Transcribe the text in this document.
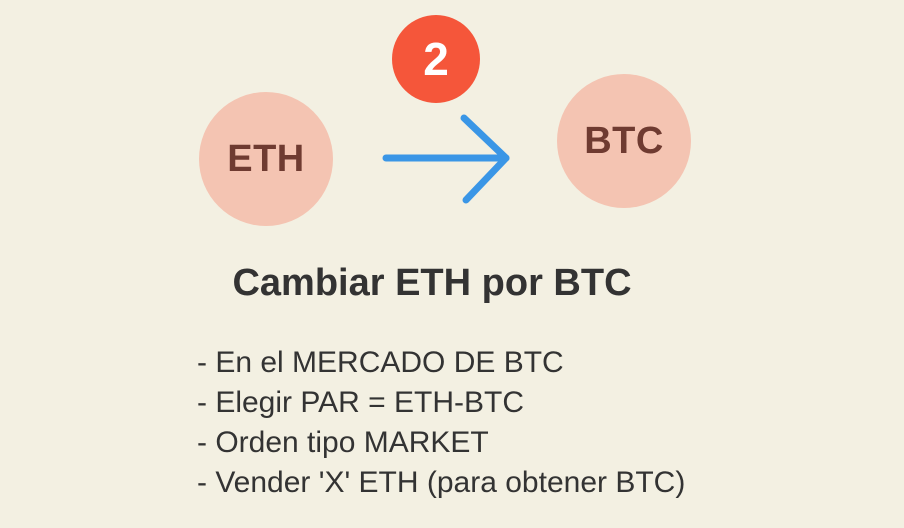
ETH
2
BTC
Cambiar ETH por BTC
- En el MERCADO DE BTC
- Elegir PAR = ETH-BTC
- Orden tipo MARKET
- Vender 'X' ETH (para obtener BTC)
